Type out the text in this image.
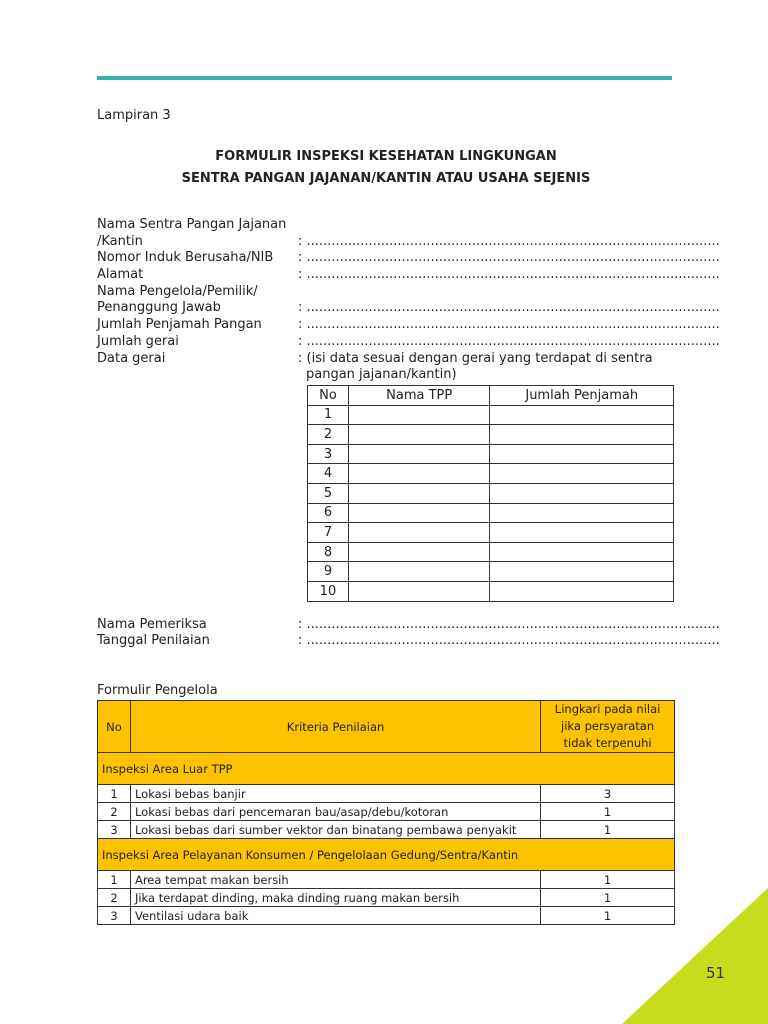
Lampiran 3
FORMULIR INSPEKSI KESEHATAN LINGKUNGAN
SENTRA PANGAN JAJANAN/KANTIN ATAU USAHA SEJENIS
Nama Sentra Pangan Jajanan
/Kantin	: ....................................................................................................
Nomor Induk Berusaha/NIB : ....................................................................................................
Alamat	: ....................................................................................................
Nama Pengelola/Pemilik/
Penanggung Jawab	: ....................................................................................................
Jumlah Penjamah Pangan	: ....................................................................................................
Jumlah gerai	: ....................................................................................................
Data gerai	: (isi data sesuai dengan gerai yang terdapat di sentra
pangan jajanan/kantin)
No	Nama TPP	Jumlah Penjamah
1		
2		
3		
4		
5		
6		
7		
8		
9		
10		
Nama Pemeriksa	: ....................................................................................................
Tanggal Penilaian	: ....................................................................................................
Formulir Pengelola
No	Kriteria Penilaian	Lingkari pada nilai
jika persyaratan
tidak terpenuhi

Inspeksi Area Luar TPP		
1	Lokasi bebas banjir	3
2	Lokasi bebas dari pencemaran bau/asap/debu/kotoran	1
3	Lokasi bebas dari sumber vektor dan binatang pembawa penyakit	1
Inspeksi Area Pelayanan Konsumen / Pengelolaan Gedung/Sentra/Kantin		
1	Area tempat makan bersih	1
2	Jika terdapat dinding, maka dinding ruang makan bersih	1
3	Ventilasi udara baik	1
51
